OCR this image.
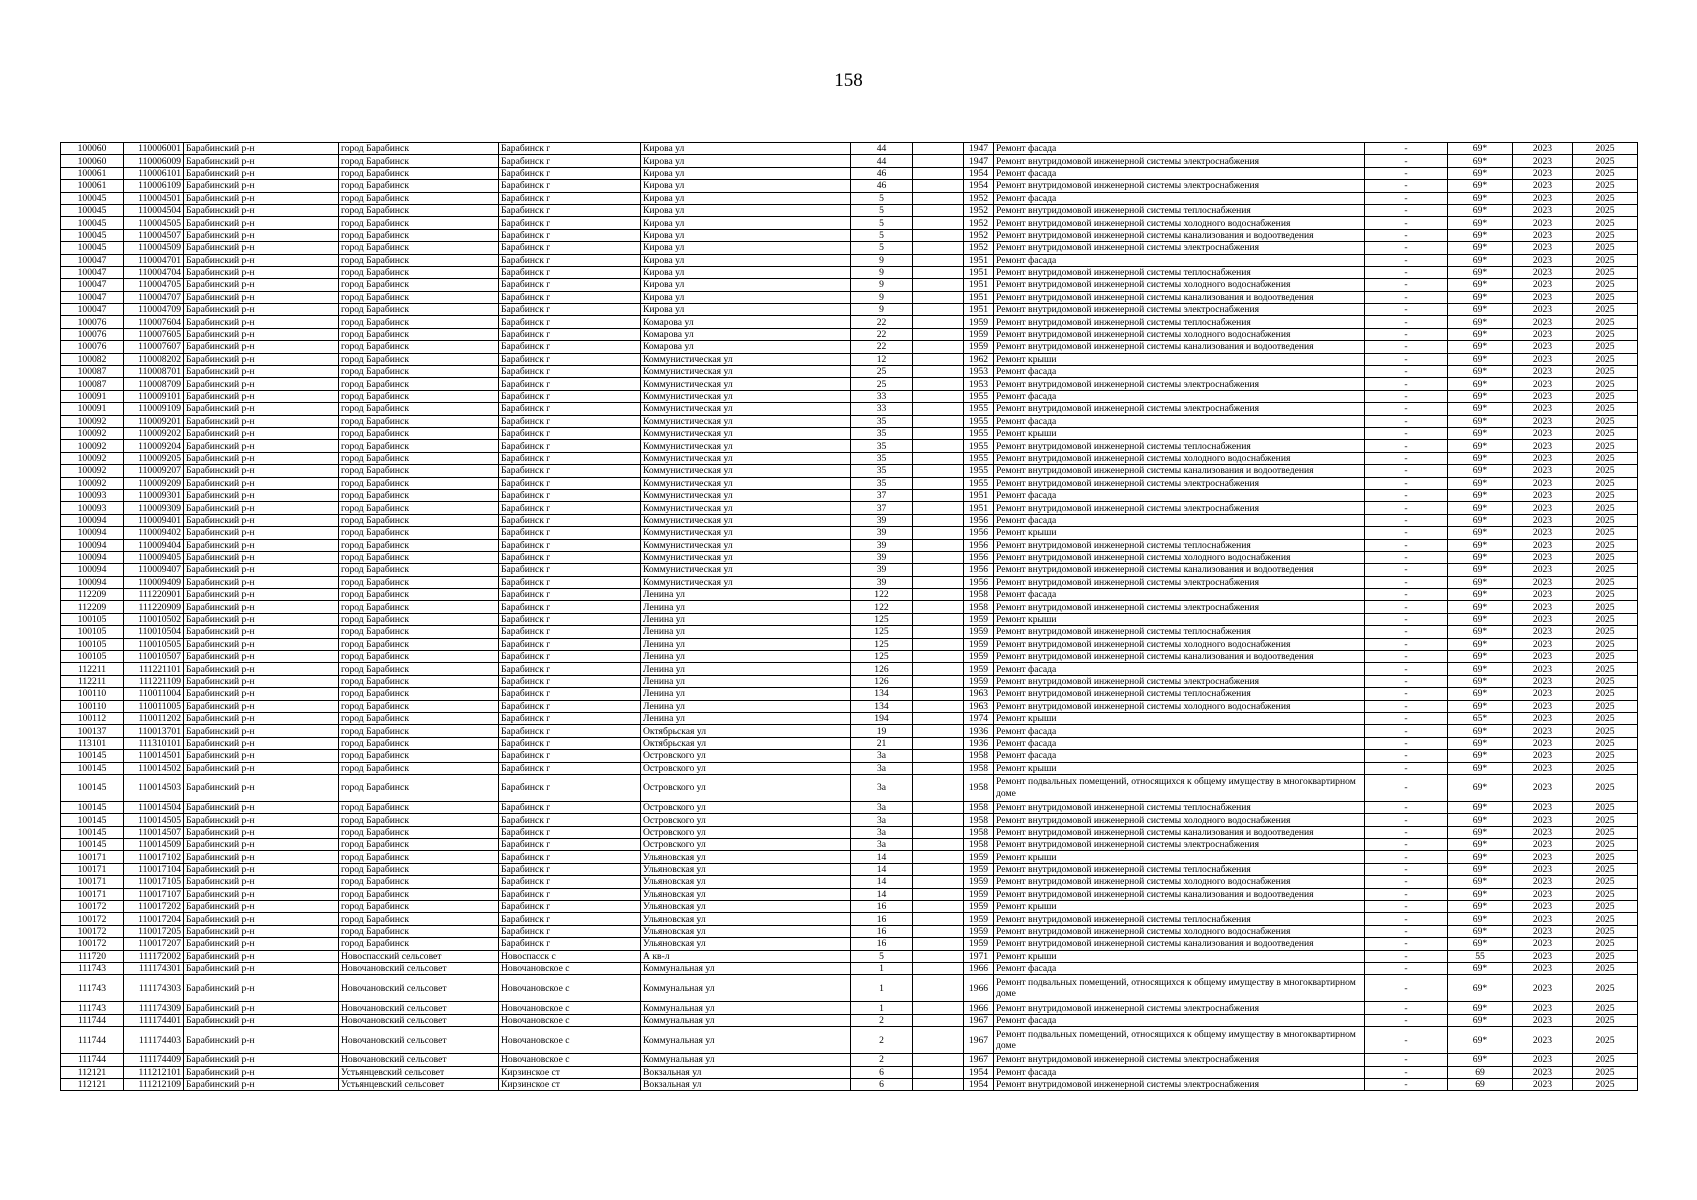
158
100060	110006001	Барабинский р-н	город Барабинск	Барабинск г	Кирова ул	44		1947	Ремонт фасада	-	69*	2023	2025
100060	110006009	Барабинский р-н	город Барабинск	Барабинск г	Кирова ул	44		1947	Ремонт внутридомовой инженерной системы электроснабжения	-	69*	2023	2025
100061	110006101	Барабинский р-н	город Барабинск	Барабинск г	Кирова ул	46		1954	Ремонт фасада	-	69*	2023	2025
100061	110006109	Барабинский р-н	город Барабинск	Барабинск г	Кирова ул	46		1954	Ремонт внутридомовой инженерной системы электроснабжения	-	69*	2023	2025
100045	110004501	Барабинский р-н	город Барабинск	Барабинск г	Кирова ул	5		1952	Ремонт фасада	-	69*	2023	2025
100045	110004504	Барабинский р-н	город Барабинск	Барабинск г	Кирова ул	5		1952	Ремонт внутридомовой инженерной системы теплоснабжения	-	69*	2023	2025
100045	110004505	Барабинский р-н	город Барабинск	Барабинск г	Кирова ул	5		1952	Ремонт внутридомовой инженерной системы холодного водоснабжения	-	69*	2023	2025
100045	110004507	Барабинский р-н	город Барабинск	Барабинск г	Кирова ул	5		1952	Ремонт внутридомовой инженерной системы канализования и водоотведения	-	69*	2023	2025
100045	110004509	Барабинский р-н	город Барабинск	Барабинск г	Кирова ул	5		1952	Ремонт внутридомовой инженерной системы электроснабжения	-	69*	2023	2025
100047	110004701	Барабинский р-н	город Барабинск	Барабинск г	Кирова ул	9		1951	Ремонт фасада	-	69*	2023	2025
100047	110004704	Барабинский р-н	город Барабинск	Барабинск г	Кирова ул	9		1951	Ремонт внутридомовой инженерной системы теплоснабжения	-	69*	2023	2025
100047	110004705	Барабинский р-н	город Барабинск	Барабинск г	Кирова ул	9		1951	Ремонт внутридомовой инженерной системы холодного водоснабжения	-	69*	2023	2025
100047	110004707	Барабинский р-н	город Барабинск	Барабинск г	Кирова ул	9		1951	Ремонт внутридомовой инженерной системы канализования и водоотведения	-	69*	2023	2025
100047	110004709	Барабинский р-н	город Барабинск	Барабинск г	Кирова ул	9		1951	Ремонт внутридомовой инженерной системы электроснабжения	-	69*	2023	2025
100076	110007604	Барабинский р-н	город Барабинск	Барабинск г	Комарова ул	22		1959	Ремонт внутридомовой инженерной системы теплоснабжения	-	69*	2023	2025
100076	110007605	Барабинский р-н	город Барабинск	Барабинск г	Комарова ул	22		1959	Ремонт внутридомовой инженерной системы холодного водоснабжения	-	69*	2023	2025
100076	110007607	Барабинский р-н	город Барабинск	Барабинск г	Комарова ул	22		1959	Ремонт внутридомовой инженерной системы канализования и водоотведения	-	69*	2023	2025
100082	110008202	Барабинский р-н	город Барабинск	Барабинск г	Коммунистическая ул	12		1962	Ремонт крыши	-	69*	2023	2025
100087	110008701	Барабинский р-н	город Барабинск	Барабинск г	Коммунистическая ул	25		1953	Ремонт фасада	-	69*	2023	2025
100087	110008709	Барабинский р-н	город Барабинск	Барабинск г	Коммунистическая ул	25		1953	Ремонт внутридомовой инженерной системы электроснабжения	-	69*	2023	2025
100091	110009101	Барабинский р-н	город Барабинск	Барабинск г	Коммунистическая ул	33		1955	Ремонт фасада	-	69*	2023	2025
100091	110009109	Барабинский р-н	город Барабинск	Барабинск г	Коммунистическая ул	33		1955	Ремонт внутридомовой инженерной системы электроснабжения	-	69*	2023	2025
100092	110009201	Барабинский р-н	город Барабинск	Барабинск г	Коммунистическая ул	35		1955	Ремонт фасада	-	69*	2023	2025
100092	110009202	Барабинский р-н	город Барабинск	Барабинск г	Коммунистическая ул	35		1955	Ремонт крыши	-	69*	2023	2025
100092	110009204	Барабинский р-н	город Барабинск	Барабинск г	Коммунистическая ул	35		1955	Ремонт внутридомовой инженерной системы теплоснабжения	-	69*	2023	2025
100092	110009205	Барабинский р-н	город Барабинск	Барабинск г	Коммунистическая ул	35		1955	Ремонт внутридомовой инженерной системы холодного водоснабжения	-	69*	2023	2025
100092	110009207	Барабинский р-н	город Барабинск	Барабинск г	Коммунистическая ул	35		1955	Ремонт внутридомовой инженерной системы канализования и водоотведения	-	69*	2023	2025
100092	110009209	Барабинский р-н	город Барабинск	Барабинск г	Коммунистическая ул	35		1955	Ремонт внутридомовой инженерной системы электроснабжения	-	69*	2023	2025
100093	110009301	Барабинский р-н	город Барабинск	Барабинск г	Коммунистическая ул	37		1951	Ремонт фасада	-	69*	2023	2025
100093	110009309	Барабинский р-н	город Барабинск	Барабинск г	Коммунистическая ул	37		1951	Ремонт внутридомовой инженерной системы электроснабжения	-	69*	2023	2025
100094	110009401	Барабинский р-н	город Барабинск	Барабинск г	Коммунистическая ул	39		1956	Ремонт фасада	-	69*	2023	2025
100094	110009402	Барабинский р-н	город Барабинск	Барабинск г	Коммунистическая ул	39		1956	Ремонт крыши	-	69*	2023	2025
100094	110009404	Барабинский р-н	город Барабинск	Барабинск г	Коммунистическая ул	39		1956	Ремонт внутридомовой инженерной системы теплоснабжения	-	69*	2023	2025
100094	110009405	Барабинский р-н	город Барабинск	Барабинск г	Коммунистическая ул	39		1956	Ремонт внутридомовой инженерной системы холодного водоснабжения	-	69*	2023	2025
100094	110009407	Барабинский р-н	город Барабинск	Барабинск г	Коммунистическая ул	39		1956	Ремонт внутридомовой инженерной системы канализования и водоотведения	-	69*	2023	2025
100094	110009409	Барабинский р-н	город Барабинск	Барабинск г	Коммунистическая ул	39		1956	Ремонт внутридомовой инженерной системы электроснабжения	-	69*	2023	2025
112209	111220901	Барабинский р-н	город Барабинск	Барабинск г	Ленина ул	122		1958	Ремонт фасада	-	69*	2023	2025
112209	111220909	Барабинский р-н	город Барабинск	Барабинск г	Ленина ул	122		1958	Ремонт внутридомовой инженерной системы электроснабжения	-	69*	2023	2025
100105	110010502	Барабинский р-н	город Барабинск	Барабинск г	Ленина ул	125		1959	Ремонт крыши	-	69*	2023	2025
100105	110010504	Барабинский р-н	город Барабинск	Барабинск г	Ленина ул	125		1959	Ремонт внутридомовой инженерной системы теплоснабжения	-	69*	2023	2025
100105	110010505	Барабинский р-н	город Барабинск	Барабинск г	Ленина ул	125		1959	Ремонт внутридомовой инженерной системы холодного водоснабжения	-	69*	2023	2025
100105	110010507	Барабинский р-н	город Барабинск	Барабинск г	Ленина ул	125		1959	Ремонт внутридомовой инженерной системы канализования и водоотведения	-	69*	2023	2025
112211	111221101	Барабинский р-н	город Барабинск	Барабинск г	Ленина ул	126		1959	Ремонт фасада	-	69*	2023	2025
112211	111221109	Барабинский р-н	город Барабинск	Барабинск г	Ленина ул	126		1959	Ремонт внутридомовой инженерной системы электроснабжения	-	69*	2023	2025
100110	110011004	Барабинский р-н	город Барабинск	Барабинск г	Ленина ул	134		1963	Ремонт внутридомовой инженерной системы теплоснабжения	-	69*	2023	2025
100110	110011005	Барабинский р-н	город Барабинск	Барабинск г	Ленина ул	134		1963	Ремонт внутридомовой инженерной системы холодного водоснабжения	-	69*	2023	2025
100112	110011202	Барабинский р-н	город Барабинск	Барабинск г	Ленина ул	194		1974	Ремонт крыши	-	65*	2023	2025
100137	110013701	Барабинский р-н	город Барабинск	Барабинск г	Октябрьская ул	19		1936	Ремонт фасада	-	69*	2023	2025
113101	111310101	Барабинский р-н	город Барабинск	Барабинск г	Октябрьская ул	21		1936	Ремонт фасада	-	69*	2023	2025
100145	110014501	Барабинский р-н	город Барабинск	Барабинск г	Островского ул	3а		1958	Ремонт фасада	-	69*	2023	2025
100145	110014502	Барабинский р-н	город Барабинск	Барабинск г	Островского ул	3а		1958	Ремонт крыши	-	69*	2023	2025
100145	110014503	Барабинский р-н	город Барабинск	Барабинск г	Островского ул	3а		1958	Ремонт подвальных помещений, относящихся к общему имуществу в многоквартирном доме	-	69*	2023	2025
100145	110014504	Барабинский р-н	город Барабинск	Барабинск г	Островского ул	3а		1958	Ремонт внутридомовой инженерной системы теплоснабжения	-	69*	2023	2025
100145	110014505	Барабинский р-н	город Барабинск	Барабинск г	Островского ул	3а		1958	Ремонт внутридомовой инженерной системы холодного водоснабжения	-	69*	2023	2025
100145	110014507	Барабинский р-н	город Барабинск	Барабинск г	Островского ул	3а		1958	Ремонт внутридомовой инженерной системы канализования и водоотведения	-	69*	2023	2025
100145	110014509	Барабинский р-н	город Барабинск	Барабинск г	Островского ул	3а		1958	Ремонт внутридомовой инженерной системы электроснабжения	-	69*	2023	2025
100171	110017102	Барабинский р-н	город Барабинск	Барабинск г	Ульяновская ул	14		1959	Ремонт крыши	-	69*	2023	2025
100171	110017104	Барабинский р-н	город Барабинск	Барабинск г	Ульяновская ул	14		1959	Ремонт внутридомовой инженерной системы теплоснабжения	-	69*	2023	2025
100171	110017105	Барабинский р-н	город Барабинск	Барабинск г	Ульяновская ул	14		1959	Ремонт внутридомовой инженерной системы холодного водоснабжения	-	69*	2023	2025
100171	110017107	Барабинский р-н	город Барабинск	Барабинск г	Ульяновская ул	14		1959	Ремонт внутридомовой инженерной системы канализования и водоотведения	-	69*	2023	2025
100172	110017202	Барабинский р-н	город Барабинск	Барабинск г	Ульяновская ул	16		1959	Ремонт крыши	-	69*	2023	2025
100172	110017204	Барабинский р-н	город Барабинск	Барабинск г	Ульяновская ул	16		1959	Ремонт внутридомовой инженерной системы теплоснабжения	-	69*	2023	2025
100172	110017205	Барабинский р-н	город Барабинск	Барабинск г	Ульяновская ул	16		1959	Ремонт внутридомовой инженерной системы холодного водоснабжения	-	69*	2023	2025
100172	110017207	Барабинский р-н	город Барабинск	Барабинск г	Ульяновская ул	16		1959	Ремонт внутридомовой инженерной системы канализования и водоотведения	-	69*	2023	2025
111720	111172002	Барабинский р-н	Новоспасский сельсовет	Новоспасск с	А кв-л	5		1971	Ремонт крыши	-	55	2023	2025
111743	111174301	Барабинский р-н	Новочановский сельсовет	Новочановское с	Коммунальная ул	1		1966	Ремонт фасада	-	69*	2023	2025
111743	111174303	Барабинский р-н	Новочановский сельсовет	Новочановское с	Коммунальная ул	1		1966	Ремонт подвальных помещений, относящихся к общему имуществу в многоквартирном доме	-	69*	2023	2025
111743	111174309	Барабинский р-н	Новочановский сельсовет	Новочановское с	Коммунальная ул	1		1966	Ремонт внутридомовой инженерной системы электроснабжения	-	69*	2023	2025
111744	111174401	Барабинский р-н	Новочановский сельсовет	Новочановское с	Коммунальная ул	2		1967	Ремонт фасада	-	69*	2023	2025
111744	111174403	Барабинский р-н	Новочановский сельсовет	Новочановское с	Коммунальная ул	2		1967	Ремонт подвальных помещений, относящихся к общему имуществу в многоквартирном доме	-	69*	2023	2025
111744	111174409	Барабинский р-н	Новочановский сельсовет	Новочановское с	Коммунальная ул	2		1967	Ремонт внутридомовой инженерной системы электроснабжения	-	69*	2023	2025
112121	111212101	Барабинский р-н	Устьянцевский сельсовет	Кирзинское ст	Вокзальная ул	6		1954	Ремонт фасада	-	69	2023	2025
112121	111212109	Барабинский р-н	Устьянцевский сельсовет	Кирзинское ст	Вокзальная ул	6		1954	Ремонт внутридомовой инженерной системы электроснабжения	-	69	2023	2025
